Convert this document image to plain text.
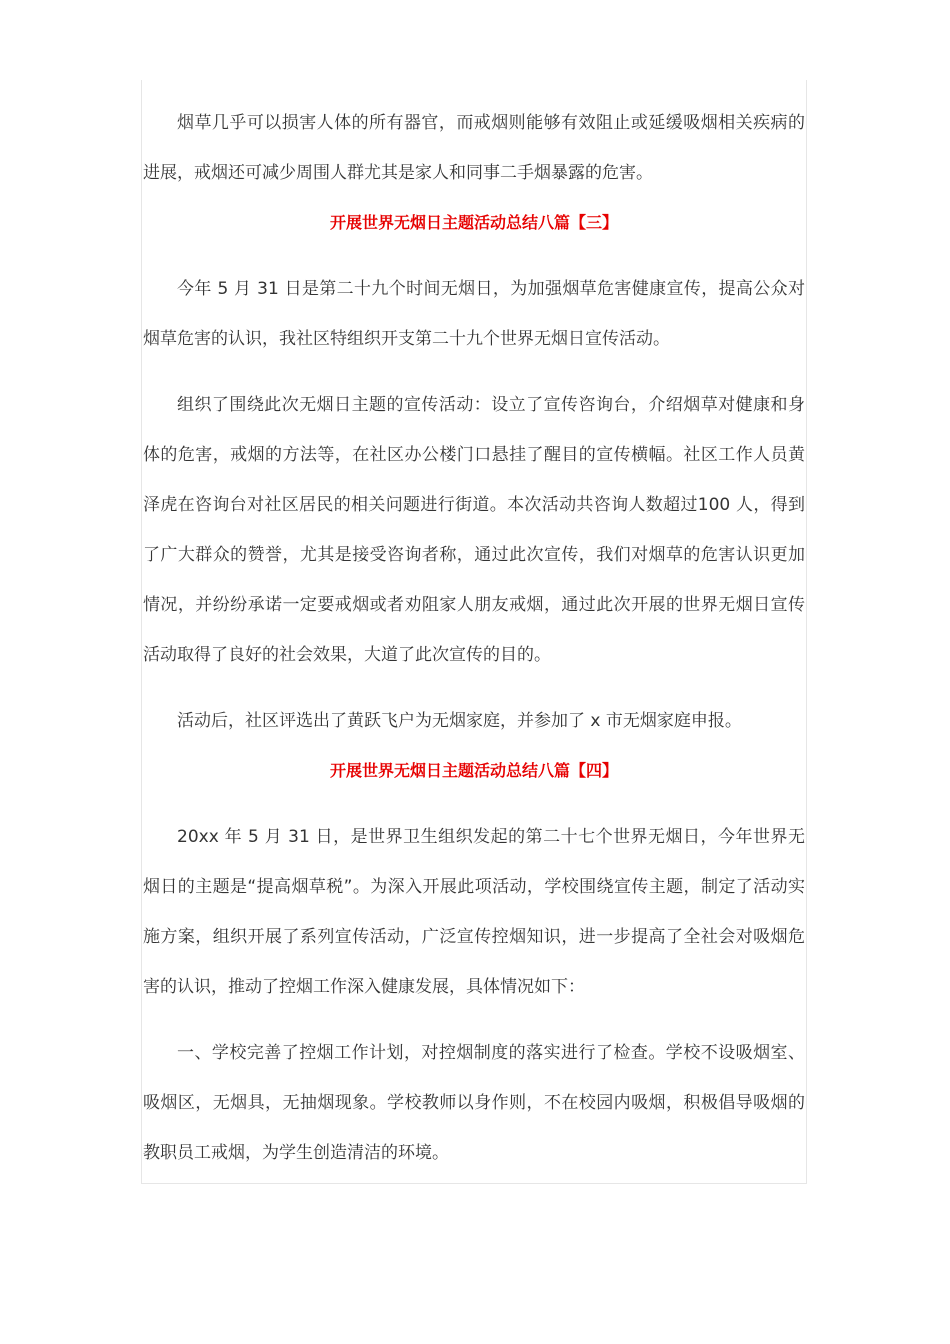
烟草几乎可以损害人体的所有器官，而戒烟则能够有效阻止或延缓吸烟相关疾病的进展，戒烟还可减少周围人群尤其是家人和同事二手烟暴露的危害。

开展世界无烟日主题活动总结八篇【三】

今年 5 月 31 日是第二十九个时间无烟日，为加强烟草危害健康宣传，提高公众对烟草危害的认识，我社区特组织开支第二十九个世界无烟日宣传活动。

组织了围绕此次无烟日主题的宣传活动：设立了宣传咨询台，介绍烟草对健康和身体的危害，戒烟的方法等，在社区办公楼门口悬挂了醒目的宣传横幅。社区工作人员黄泽虎在咨询台对社区居民的相关问题进行街道。本次活动共咨询人数超过100 人，得到了广大群众的赞誉，尤其是接受咨询者称，通过此次宣传，我们对烟草的危害认识更加情况，并纷纷承诺一定要戒烟或者劝阻家人朋友戒烟，通过此次开展的世界无烟日宣传活动取得了良好的社会效果，大道了此次宣传的目的。

活动后，社区评选出了黄跃飞户为无烟家庭，并参加了 x 市无烟家庭申报。

开展世界无烟日主题活动总结八篇【四】

20xx 年 5 月 31 日，是世界卫生组织发起的第二十七个世界无烟日，今年世界无烟日的主题是“提高烟草税”。为深入开展此项活动，学校围绕宣传主题，制定了活动实施方案，组织开展了系列宣传活动，广泛宣传控烟知识，进一步提高了全社会对吸烟危害的认识，推动了控烟工作深入健康发展，具体情况如下：

一、学校完善了控烟工作计划，对控烟制度的落实进行了检查。学校不设吸烟室、吸烟区，无烟具，无抽烟现象。学校教师以身作则，不在校园内吸烟，积极倡导吸烟的教职员工戒烟，为学生创造清洁的环境。
